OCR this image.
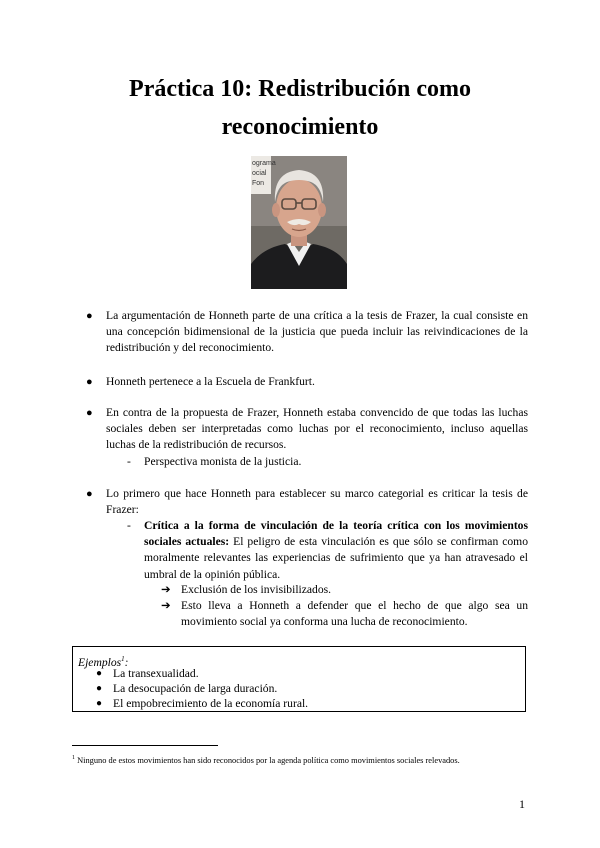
Práctica 10: Redistribución como
reconocimiento
ograma
ocial
Fon
● La argumentación de Honneth parte de una crítica a la tesis de Frazer, la cual consiste en una concepción bidimensional de la justicia que pueda incluir las reivindicaciones de la redistribución y del reconocimiento.
● Honneth pertenece a la Escuela de Frankfurt.
● En contra de la propuesta de Frazer, Honneth estaba convencido de que todas las luchas sociales deben ser interpretadas como luchas por el reconocimiento, incluso aquellas luchas de la redistribución de recursos.
- Perspectiva monista de la justicia.
● Lo primero que hace Honneth para establecer su marco categorial es criticar la tesis de Frazer:
- Crítica a la forma de vinculación de la teoría crítica con los movimientos sociales actuales: El peligro de esta vinculación es que sólo se confirman como moralmente relevantes las experiencias de sufrimiento que ya han atravesado el umbral de la opinión pública.
➔ Exclusión de los invisibilizados.
➔ Esto lleva a Honneth a defender que el hecho de que algo sea un movimiento social ya conforma una lucha de reconocimiento.
Ejemplos$^1$:
● La transexualidad.
● La desocupación de larga duración.
● El empobrecimiento de la economía rural.
$^1$ Ninguno de estos movimientos han sido reconocidos por la agenda política como movimientos sociales relevados.
1
